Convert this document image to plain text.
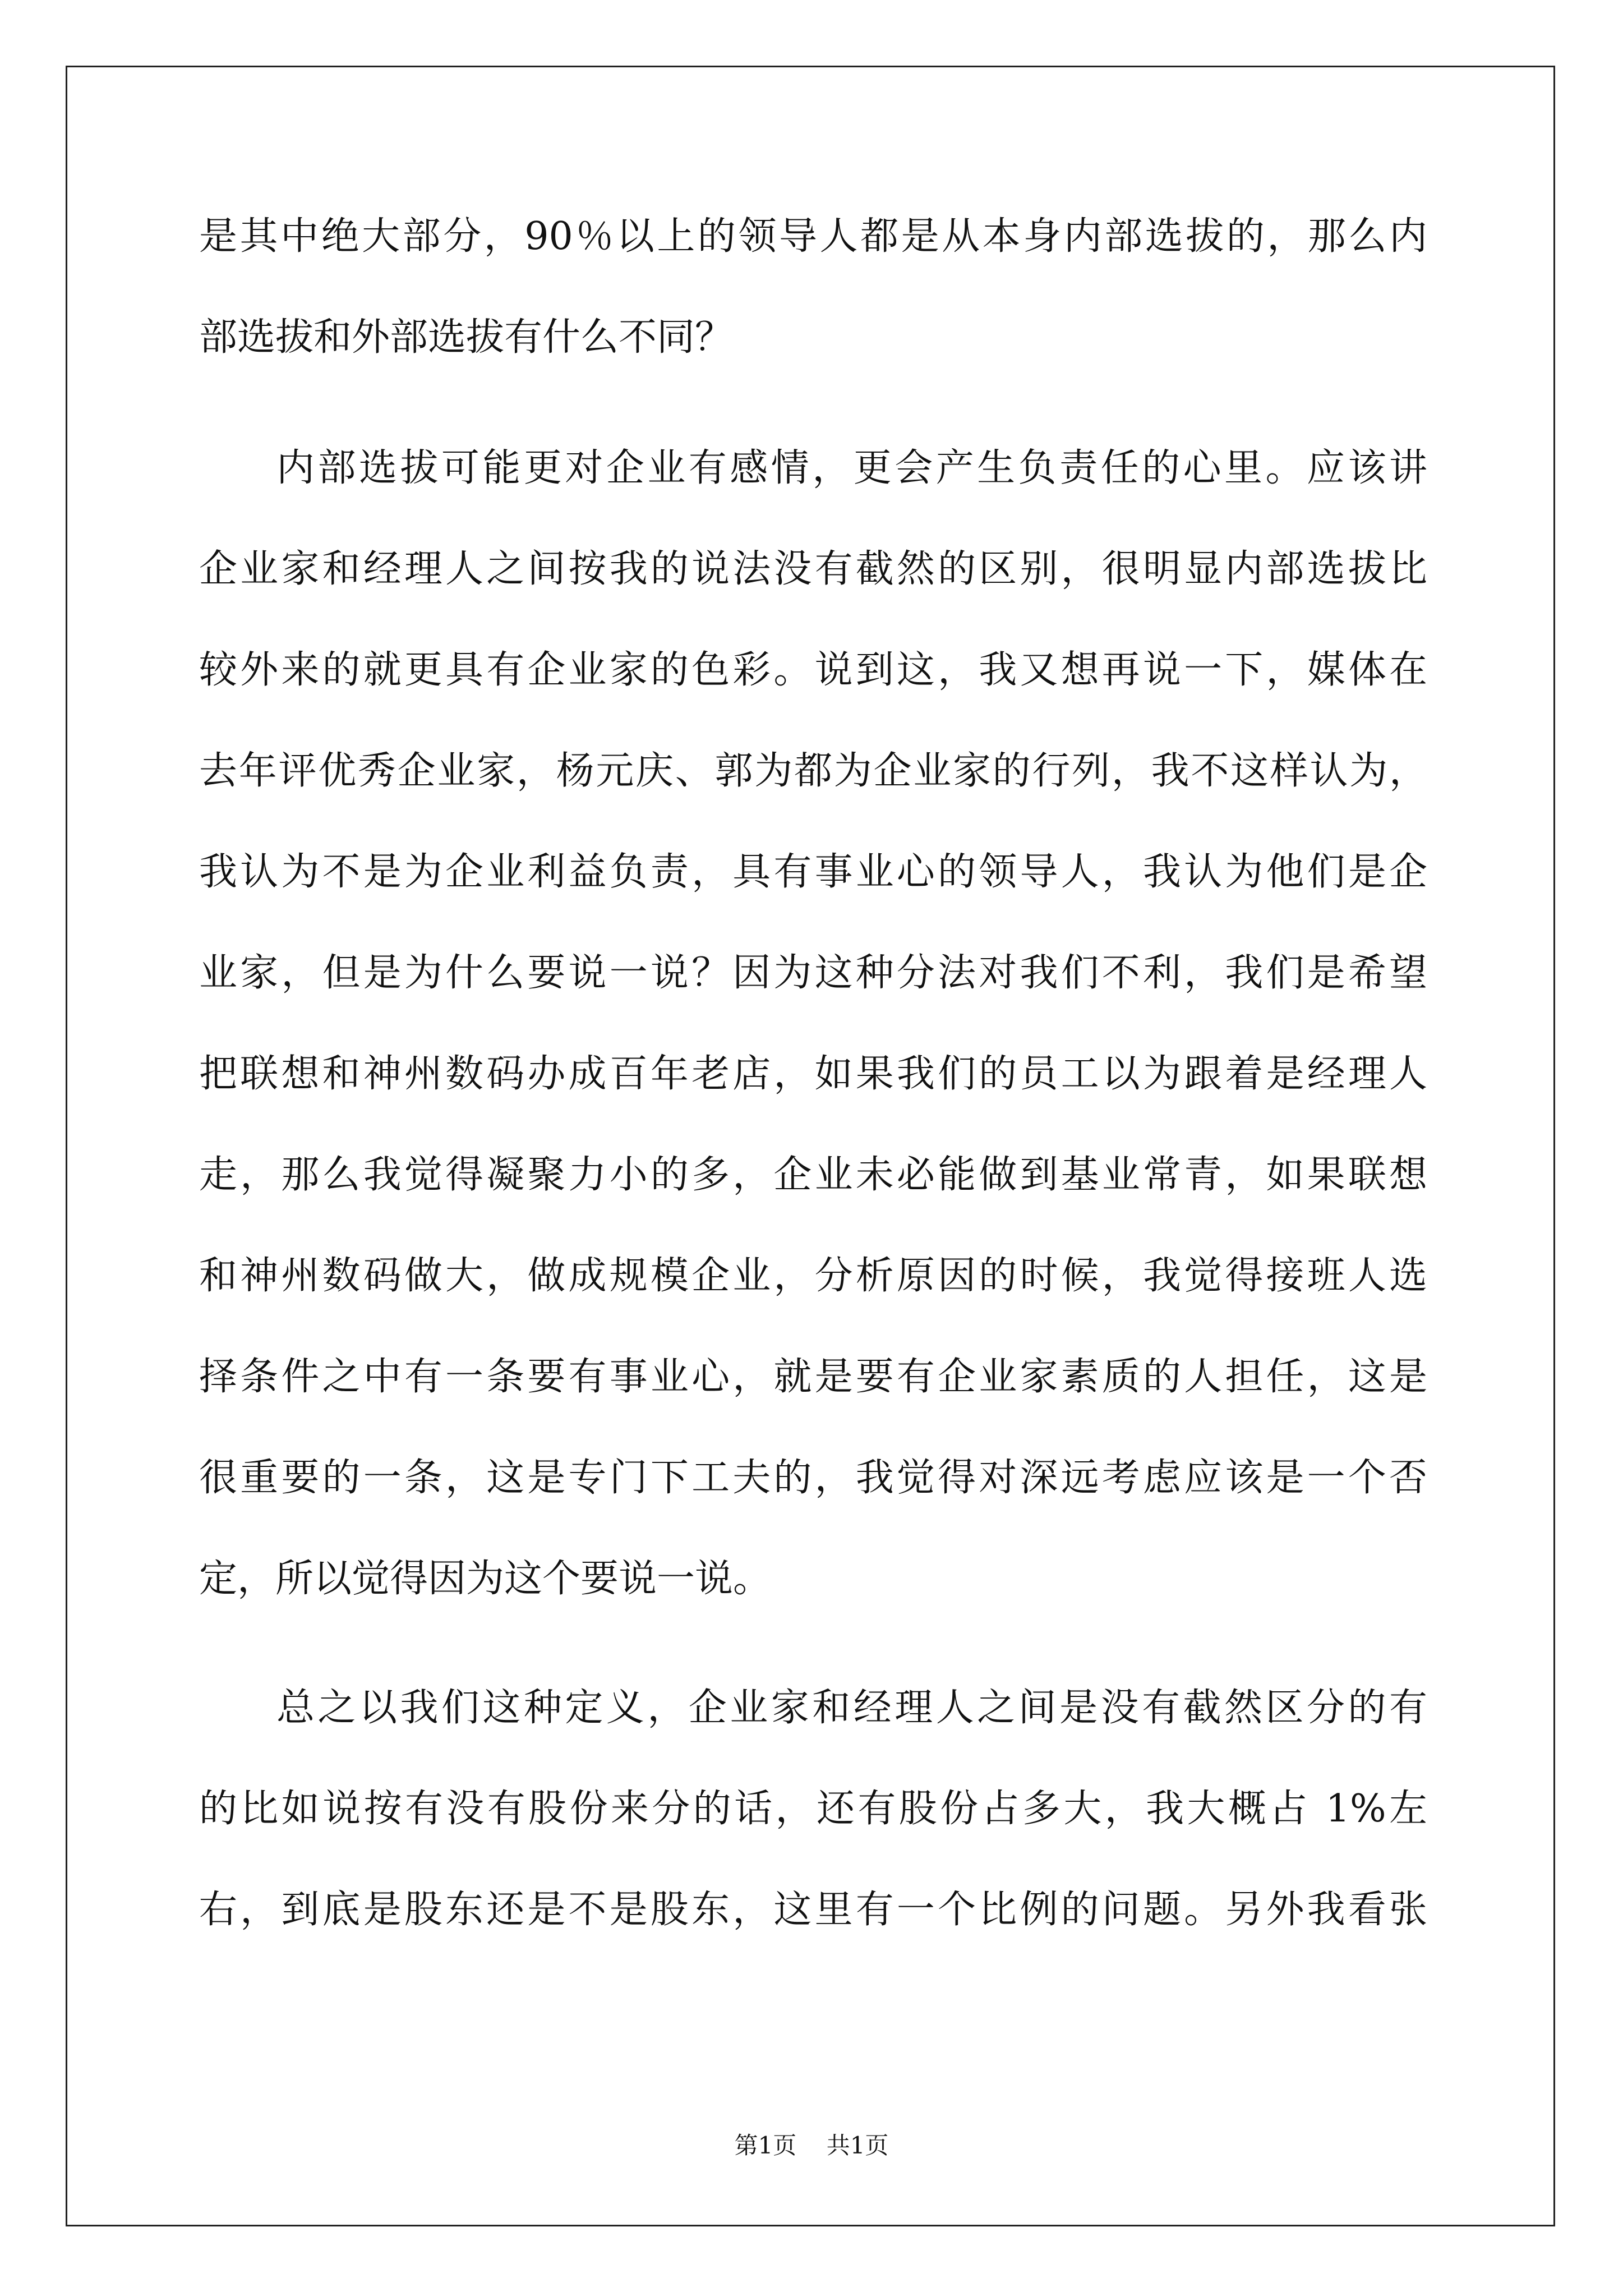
是其中绝大部分，90％以上的领导人都是从本身内部选拔的，那么内
部选拔和外部选拔有什么不同？
内部选拔可能更对企业有感情，更会产生负责任的心里。应该讲
企业家和经理人之间按我的说法没有截然的区别，很明显内部选拔比
较外来的就更具有企业家的色彩。说到这，我又想再说一下，媒体在
去年评优秀企业家，杨元庆、郭为都为企业家的行列，我不这样认为，
我认为不是为企业利益负责，具有事业心的领导人，我认为他们是企
业家，但是为什么要说一说？因为这种分法对我们不利，我们是希望
把联想和神州数码办成百年老店，如果我们的员工以为跟着是经理人
走，那么我觉得凝聚力小的多，企业未必能做到基业常青，如果联想
和神州数码做大，做成规模企业，分析原因的时候，我觉得接班人选
择条件之中有一条要有事业心，就是要有企业家素质的人担任，这是
很重要的一条，这是专门下工夫的，我觉得对深远考虑应该是一个否
定，所以觉得因为这个要说一说。
总之以我们这种定义，企业家和经理人之间是没有截然区分的有
的比如说按有没有股份来分的话，还有股份占多大，我大概占 1%左
右，到底是股东还是不是股东，这里有一个比例的问题。另外我看张
第1页 共1页
